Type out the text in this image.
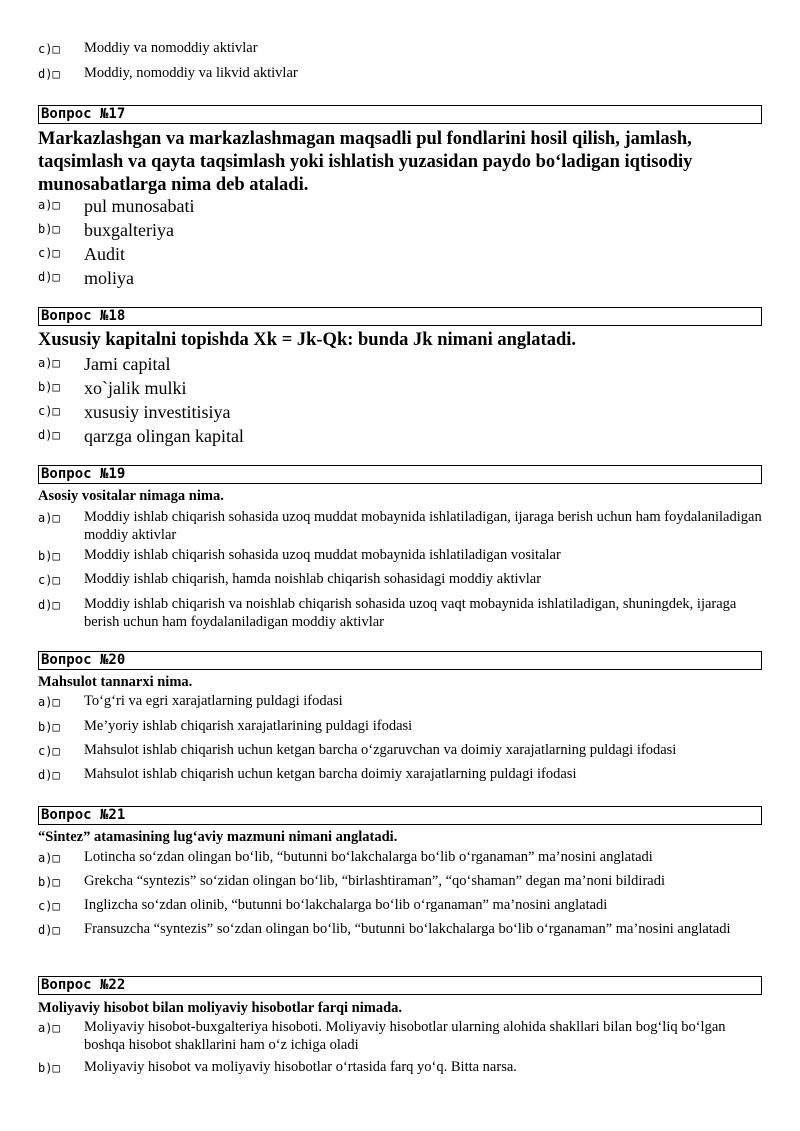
c)□	Moddiy va nomoddiy aktivlar
d)□	Moddiy, nomoddiy va likvid aktivlar
Вопрос №17
Markazlashgan va markazlashmagan maqsadli pul fondlarini hosil qilish, jamlash, taqsimlash va qayta taqsimlash yoki ishlatish yuzasidan paydo bo‘ladigan iqtisodiy munosabatlarga nima deb ataladi.
a)□	pul munosabati
b)□	buxgalteriya
c)□	Audit
d)□	moliya
Вопрос №18
Xususiy kapitalni topishda Xk = Jk-Qk: bunda Jk nimani anglatadi.
a)□	Jami capital
b)□	xo`jalik mulki
c)□	xususiy investitisiya
d)□	qarzga olingan kapital
Вопрос №19
Asosiy vositalar nimaga nima.
a)□	Moddiy ishlab chiqarish sohasida uzoq muddat mobaynida ishlatiladigan, ijaraga berish uchun ham foydalaniladigan moddiy aktivlar
b)□	Moddiy ishlab chiqarish sohasida uzoq muddat mobaynida ishlatiladigan vositalar
c)□	Moddiy ishlab chiqarish, hamda noishlab chiqarish sohasidagi moddiy aktivlar
d)□	Moddiy ishlab chiqarish va noishlab chiqarish sohasida uzoq vaqt mobaynida ishlatiladigan, shuningdek, ijaraga berish uchun ham foydalaniladigan moddiy aktivlar
Вопрос №20
Mahsulot tannarxi nima.
a)□	To‘g‘ri va egri xarajatlarning puldagi ifodasi
b)□	Me’yoriy ishlab chiqarish xarajatlarining puldagi ifodasi
c)□	Mahsulot ishlab chiqarish uchun ketgan barcha o‘zgaruvchan va doimiy xarajatlarning puldagi ifodasi
d)□	Mahsulot ishlab chiqarish uchun ketgan barcha doimiy xarajatlarning puldagi ifodasi
Вопрос №21
“Sintez” atamasining lug‘aviy mazmuni nimani anglatadi.
a)□	Lotincha so‘zdan olingan bo‘lib, “butunni bo‘lakchalarga bo‘lib o‘rganaman” ma’nosini anglatadi
b)□	Grekcha “syntezis” so‘zidan olingan bo‘lib, “birlashtiraman”, “qo‘shaman” degan ma’noni bildiradi
c)□	Inglizcha so‘zdan olinib, “butunni bo‘lakchalarga bo‘lib o‘rganaman” ma’nosini anglatadi
d)□	Fransuzcha “syntezis” so‘zdan olingan bo‘lib, “butunni bo‘lakchalarga bo‘lib o‘rganaman” ma’nosini anglatadi
Вопрос №22
Moliyaviy hisobot bilan moliyaviy hisobotlar farqi nimada.
a)□	Moliyaviy hisobot-buxgalteriya hisoboti. Moliyaviy hisobotlar ularning alohida shakllari bilan bog‘liq bo‘lgan boshqa hisobot shakllarini ham o‘z ichiga oladi
b)□	Moliyaviy hisobot va moliyaviy hisobotlar o‘rtasida farq yo‘q. Bitta narsa.
